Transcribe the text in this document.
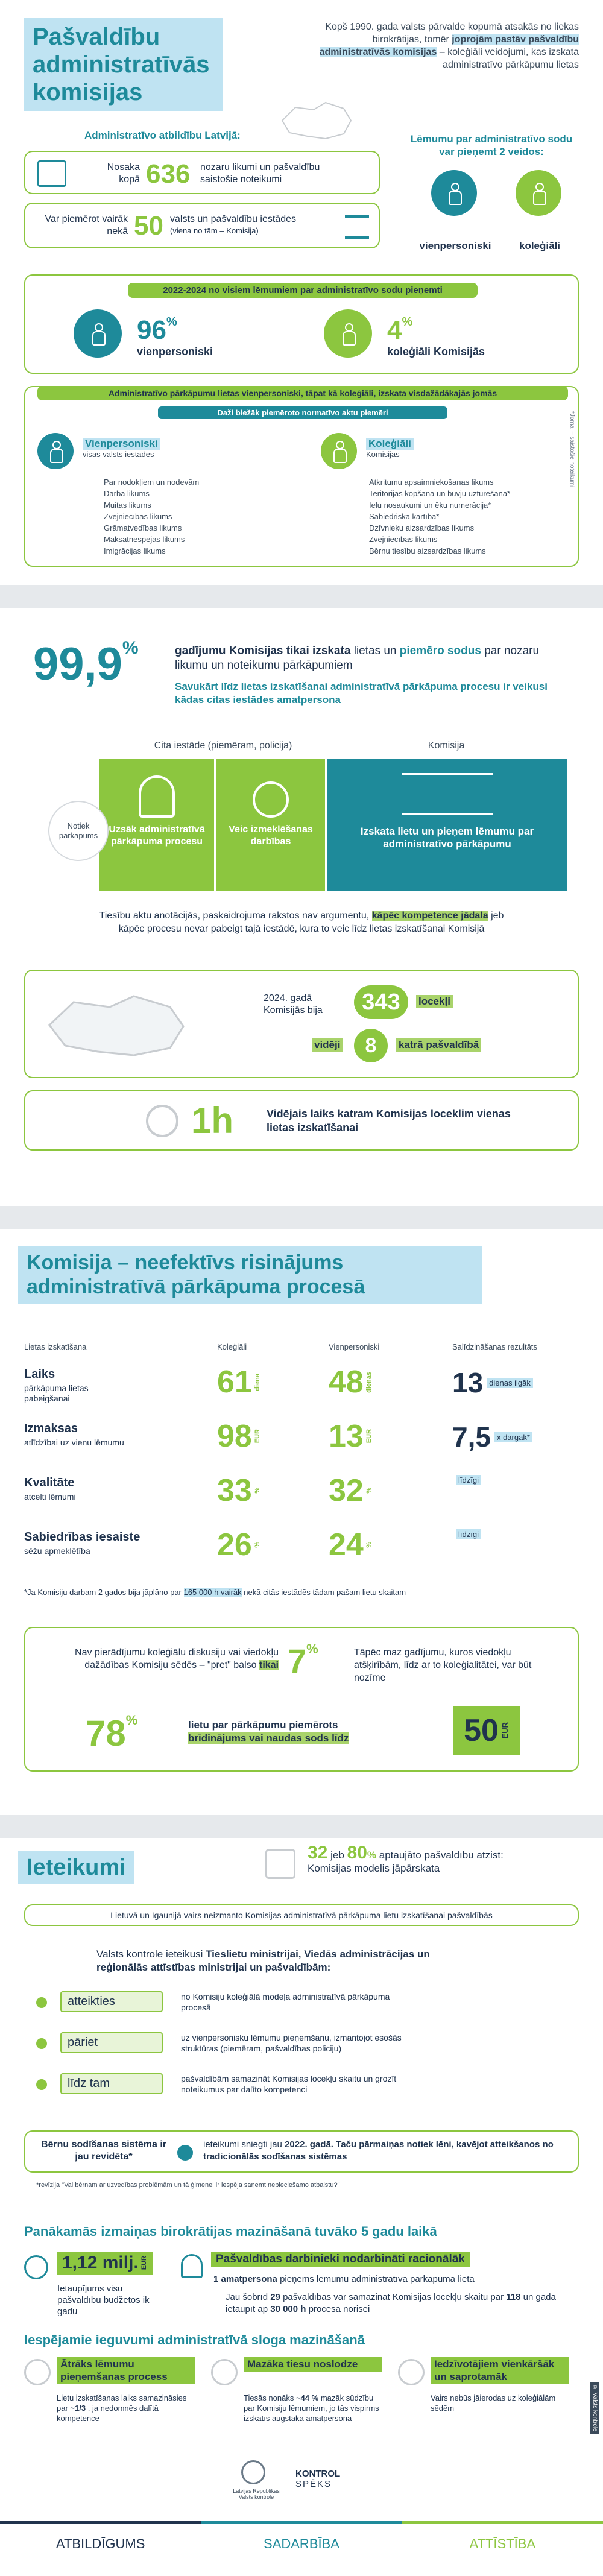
Pašvaldību administratīvās komisijas
Kopš 1990. gada valsts pārvalde kopumā atsakās no liekas birokrātijas, tomēr joprojām pastāv pašvaldību administratīvās komisijas – koleģiāli veidojumi, kas izskata administratīvo pārkāpumu lietas
Administratīvo atbildību Latvijā:
Nosaka kopā 636 nozaru likumi un pašvaldību saistošie noteikumi
Var piemērot vairāk nekā 50 valsts un pašvaldību iestādes
(viena no tām – Komisija)
Lēmumu par administratīvo sodu var pieņemt 2 veidos:
vienpersoniski	koleģiāli
2022-2024 no visiem lēmumiem par administratīvo sodu pieņemti
96%
vienpersoniski
4%
koleģiāli Komisijās
Administratīvo pārkāpumu lietas vienpersoniski, tāpat kā koleģiāli, izskata visdažādākajās jomās
Daži biežāk piemēroto normatīvo aktu piemēri
Vienpersoniski
visās valsts iestādēs
Par nodokļiem un nodevām
Darba likums
Muitas likums
Zvejniecības likums
Grāmatvedības likums
Maksātnespējas likums
Imigrācijas likums
Koleģiāli
Komisijās
Atkritumu apsaimniekošanas likums
Teritorijas kopšana un būvju uzturēšana*
Ielu nosaukumi un ēku numerācija*
Sabiedriskā kārtība*
Dzīvnieku aizsardzības likums
Zvejniecības likums
Bērnu tiesību aizsardzības likums
*Jomai – saistošie noteikumi
99,9%	gadījumu Komisijas tikai izskata lietas un piemēro sodus par nozaru likumu un noteikumu pārkāpumiem
Savukārt līdz lietas izskatīšanai administratīvā pārkāpuma procesu ir veikusi kādas citas iestādes amatpersona
Cita iestāde (piemēram, policija)	Komisija
Uzsāk administratīvā pārkāpuma procesu
Veic izmeklēšanas darbības
Izskata lietu un pieņem lēmumu par administratīvo pārkāpumu
Notiek pārkāpums
Tiesību aktu anotācijās, paskaidrojuma rakstos nav argumentu, kāpēc kompetence jādala jeb kāpēc procesu nevar pabeigt tajā iestādē, kura to veic līdz lietas izskatīšanai Komisijā
2024. gadā Komisijās bija	343	locekļi
vidēji	8	katrā pašvaldībā
1h	Vidējais laiks katram Komisijas loceklim vienas lietas izskatīšanai
Komisija – neefektīvs risinājums administratīvā pārkāpuma procesā
Lietas izskatīšana	Koleģiāli	Vienpersoniski	Salīdzināšanas rezultāts
Laiks
pārkāpuma lietas pabeigšanai	61 diena 48 dienas	13 dienas ilgāk
Izmaksas
atlīdzībai uz vienu lēmumu	98 EUR 13 EUR	7,5 x dārgāk*
Kvalitāte
atcelti lēmumi	33 % 32 %
līdzīgi
Sabiedrības iesaiste
sēžu apmeklētība	26 % 24 %
līdzīgi
*Ja Komisiju darbam 2 gados bija jāplāno par 165 000 h vairāk nekā citās iestādēs tādam pašam lietu skaitam
Nav pierādījumu koleģiālu diskusiju vai viedokļu dažādības Komisiju sēdēs – "pret" balso tikai 7%	Tāpēc maz gadījumu, kuros viedokļu atšķirībām, līdz ar to koleģialitātei, var būt nozīme
78%	lietu par pārkāpumu piemērots
brīdinājums vai naudas sods līdz	50 EUR
Ieteikumi
32 jeb 80% aptaujāto pašvaldību atzist:
Komisijas modelis jāpārskata
Lietuvā un Igaunijā vairs neizmanto Komisijas administratīvā pārkāpuma lietu izskatīšanai pašvaldībās
Valsts kontrole ieteikusi Tieslietu ministrijai, Viedās administrācijas un reģionālās attīstības ministrijai un pašvaldībām:
atteikties	no Komisiju koleģiālā modeļa administratīvā pārkāpuma procesā
pāriet	uz vienpersonisku lēmumu pieņemšanu, izmantojot esošās struktūras (piemēram, pašvaldības policiju)
līdz tam	pašvaldībām samazināt Komisijas locekļu skaitu un grozīt noteikumus par dalīto kompetenci
Bērnu sodīšanas sistēma ir jau revidēta*
ieteikumi sniegti jau 2022. gadā. Taču pārmaiņas notiek lēni, kavējot atteikšanos no tradicionālās sodīšanas sistēmas
*revīzija "Vai bērnam ar uzvedības problēmām un tā ģimenei ir iespēja saņemt nepieciešamo atbalstu?"
Panākamās izmaiņas birokrātijas mazināšanā tuvāko 5 gadu laikā
1,12 milj. EUR
Ietaupījums visu pašvaldību budžetos ik gadu
Pašvaldības darbinieki nodarbināti racionālāk
1 amatpersona pieņems lēmumu administratīvā pārkāpuma lietā
Jau šobrīd 29 pašvaldības var samazināt Komisijas locekļu skaitu par 118 un gadā ietaupīt ap 30 000 h procesa norisei
Iespējamie ieguvumi administratīvā sloga mazināšanā
Ātrāks lēmumu pieņemšanas process
Lietu izskatīšanas laiks samazināsies par ~1/3 , ja nedomnēs dalītā kompetence
Mazāka tiesu noslodze
Tiesās nonāks ~44 % mazāk sūdzību par Komisiju lēmumiem, jo tās vispirms izskatīs augstāka amatpersona
Iedzīvotājiem vienkāršāk un saprotamāk
Vairs nebūs jāierodas uz koleģiālām sēdēm	© Valsts kontrole
Latvijas Republikas Valsts kontrole
KONTROL
SPĒKS
ATBILDĪGUMS	SADARBĪBA	ATTĪSTĪBA
